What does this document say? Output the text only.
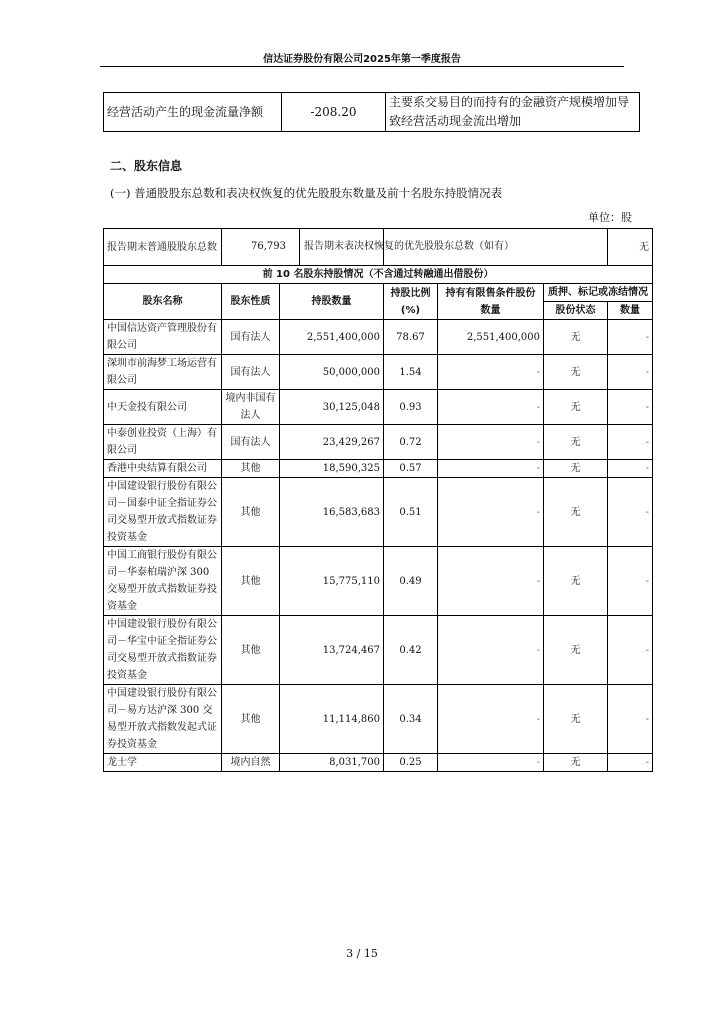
信达证券股份有限公司2025年第一季度报告
经营活动产生的现金流量净额	-208.20	主要系交易目的而持有的金融资产规模增加导致经营活动现金流出增加
二、股东信息
(一) 普通股股东总数和表决权恢复的优先股股东数量及前十名股东持股情况表
单位：股
报告期末普通股股东总数	76,793 报告期末表决权恢复的优先股股东总数（如有）					无
前 10 名股东持股情况（不含通过转融通出借股份）						
股东名称	股东性质	持股数量	持股比例(%)	持有有限售条件股份数量	质押、标记或冻结情况	
					股份状态	数量
中国信达资产管理股份有限公司	国有法人	2,551,400,000	78.67	2,551,400,000	无	-
深圳市前海梦工场运营有限公司	国有法人	50,000,000	1.54	-	无	-
中天金投有限公司	境内非国有法人	30,125,048	0.93	-	无	-
中泰创业投资（上海）有限公司	国有法人	23,429,267	0.72	-	无	-
香港中央结算有限公司	其他	18,590,325	0.57	-	无	-
中国建设银行股份有限公司－国泰中证全指证券公司交易型开放式指数证券投资基金	其他	16,583,683	0.51	-	无	-
中国工商银行股份有限公司－华泰柏瑞沪深 300 交易型开放式指数证券投资基金	其他	15,775,110	0.49	-	无	-
中国建设银行股份有限公司－华宝中证全指证券公司交易型开放式指数证券投资基金	其他	13,724,467	0.42	-	无	-
中国建设银行股份有限公司－易方达沪深 300 交易型开放式指数发起式证券投资基金	其他	11,114,860	0.34	-	无	-
龙士学	境内自然	8,031,700	0.25	-	无	-
3 / 15
